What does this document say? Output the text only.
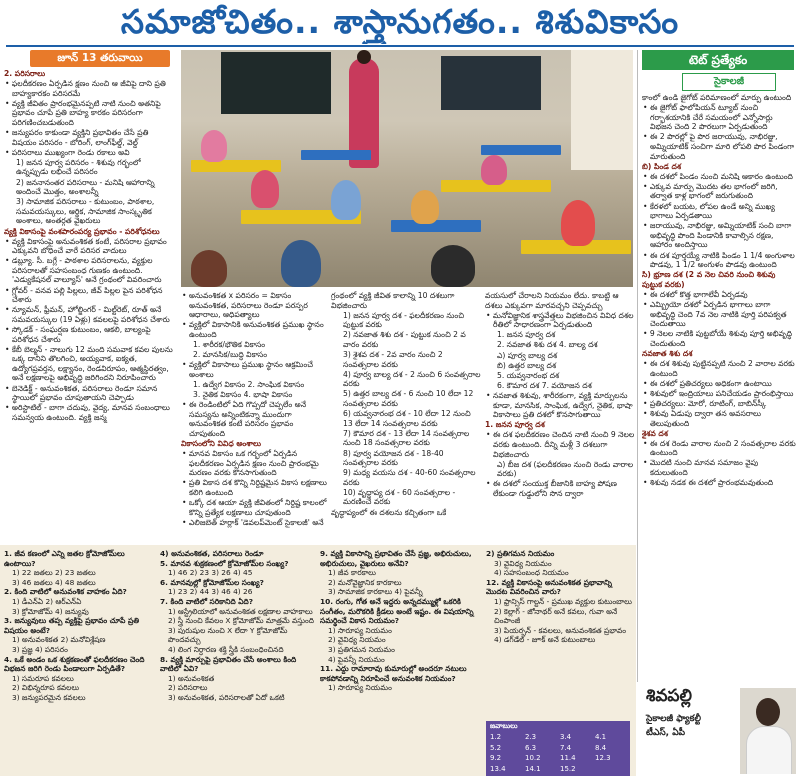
సమాజోచితం.. శాస్త్రానుగతం.. శిశువికాసం
జూన్ 13 తరువాయి

2. పరిసరాలు

• ఫలదీకరణం ఏర్పడిన క్షణం నుంచి ఆ జీవిపై దాని ప్రతి బాహ్యకారకం పరిసరమే

• వ్యక్తి జీవితం ప్రారంభమైనప్పటి నాటి నుంచి అతనిపై ప్రభావం చూపే ప్రతి బాహ్య కారకం పరిసరంగా పరిగణించబడుతుంది

• జన్యుపరం కాకుండా వ్యక్తిని ప్రభావితం చేసే ప్రతి విషయం పరిసరం - బోరింగ్, లాంగ్‌ఫీల్డ్, వెల్డ్

• పరిసరాలు ముఖ్యంగా రెండు రకాలు అవి

1) జనన పూర్వ పరిసరం - శిశువు గర్భంలో ఉన్నప్పుడు లభించే పరిసరం

2) జననానంతర పరిసరాలు - మనిషి ఆహారాన్ని అందించే మొత్తం, అంశాలన్నీ

3) సామాజిక పరిసరాలు - కుటుంబం, పాఠశాల, సమవయస్కులు, ఆర్థిక, సామాజిక సాంస్కృతిక అంశాలు, అంతర్గత వైఖరులు

వ్యక్తి వికాసంపై వంశపారంపర్య ప్రభావం - పరిశోధనలు

• వ్యక్తి వికాసంపై అనువంశికత కంటే, పరిసరాల ప్రభావం ఎక్కువని బోధించే వారే పరిసర వాదులు

• డబ్ల్యూ. సీ. బగ్లే - పాఠశాల పరిసరాలను, వ్యక్తుల పరిసరాలతో సహసంబంధ గుణకం ఉంటుంది. 'ఎడ్యుకేషనల్ వాల్యూస్' అనే గ్రంథంలో వివరించారు

• గ్లోవర్ - వనవ పల్లి పిల్లలు, జీవ్ పిల్లల పైన పరిశోధన చేశారు

• న్యూమన్, ఫ్రీమన్, హోల్జింగర్ - మిల్ట్‌రెట్, రూత్ అనే సమవయస్కుల (19 ఏళ్లు) కవలలపై పరిశోధన చేశారు

• స్కోడక్ - సంఘర్షణ కుటుంబం, ఆకలి, బాల్యంపై పరిశోధన చేశారు

• కేబీ బెల్మన్ - నాలుగు 12 మంది సమవాక కవల పులను ఒక్క దానిని తొలగించి, అయ్యవాక, ఐక్యత, ఉద్యోగప్రవర్తన, లక్ష్యానం, రెండవిరూపం, ఆత్మస్థిరత్వం, అనే లక్షణాలపై అభివృద్ధి జరిగిందని నిరూపించారు

• బెనెడిక్ట్ - అనువంశికత, పరిసరాలు రెండూ సమాన స్థాయిలో ప్రభావం చూపుతాయని చెప్పాడు

• అరిస్టాటిల్ - బాగా చదువు, వైద్య, మానవ సంబంధాలు సమన్వయ ఉంటుంది. వ్యక్తి జన్మ

• అనువంశికత x పరిసరం = వికాసం అనువంశికత, పరిసరాలు రెండూ పరస్పర ఆధారాలు, ఆధిపత్యాలు

• వ్యక్తిలో వికాసానికి అనువంశికత ప్రముఖ స్థానం ఉంటుంది

1. శారీరక/భౌతిక వికాసం

2. మానసిక/బుద్ధి వికాసం

• వ్యక్తిలో వికాసాలు ప్రముఖ స్థానం ఆక్రమించే అంశాలు

1. ఉద్వేగ వికాసం 2. సాంఘిక వికాసం

3. నైతిక వికాసం 4. భాషా వికాసం

• ఈ రెండింటిలో ఏది గొప్పదో చెప్పలేం అనే సమస్యను అన్నింటికన్నా ముందుగా అనువంశికత కంటే పరిసరం ప్రభావం చూపుతుంది

వికాసంలోని వివిధ అంశాలు

• మానవ వికాసం ఒక గర్భంలో ఏర్పడిన ఫలదీకరణం ఏర్పడిన క్షణం నుంచి ప్రారంభమై మరణం వరకు కొనసాగుతుంది

• ప్రతి వికాస దశ కొన్ని నిర్దిష్టమైన వికాస లక్షణాలు కలిగి ఉంటుంది

• ఒక్కో దశ ఆయా వ్యక్తి జీవితంలో నిర్దిష్ట కాలంలో కొన్ని ప్రత్యేక లక్షణాలు చూపుతుంది

• ఎలిజబెత్ హర్లాక్ 'డెవలప్‌మెంట్ సైకాలజీ' అనే

గ్రంథంలో వ్యక్తి జీవిత కాలాన్ని 10 దశలుగా విభజించారు

1) జనన పూర్వ దశ - ఫలదీకరణం నుంచి పుట్టుక వరకు

2) నవజాత శిశు దశ - పుట్టుక నుంచి 2 వ వారం వరకు

3) శైశవ దశ - 2వ వారం నుంచి 2 సంవత్సరాల వరకు

4) పూర్వ బాల్య దశ - 2 నుంచి 6 సంవత్సరాల వరకు

5) ఉత్తర బాల్య దశ - 6 నుంచి 10 లేదా 12 సంవత్సరాల వరకు

6) యవ్వనారంభ దశ - 10 లేదా 12 నుంచి 13 లేదా 14 సంవత్సరాల వరకు

7) కౌమార దశ - 13 లేదా 14 సంవత్సరాల నుంచి 18 సంవత్సరాల వరకు

8) పూర్వ వయోజన దశ - 18-40 సంవత్సరాల వరకు

9) మధ్య వయసు దశ - 40-60 సంవత్సరాల వరకు

10) వృద్ధాప్య దశ - 60 సంవత్సరాల - మరణించే వరకు

వృద్ధాప్యంలో ఈ దశలను కచ్చితంగా ఒకే

వయసులో చేరాలని నియమం లేదు. కాబట్టి ఆ దశలు ఎక్కువగా మారవచ్చని చెప్పవచ్చు

• మనోవిజ్ఞానిక శాస్త్రవేత్తలు విభజించిన వివిధ దశల రీతిలో సాధారణంగా ఏర్పడుతుంది

1. జనన పూర్వ దశ

2. నవజాత శిశు దశ 4. బాల్య దశ

ఎ) పూర్వ బాల్య దశ

బి) ఉత్తర బాల్య దశ

5. యవ్వనారంభ దశ

6. కౌమార దశ 7. వయోజన దశ

• నవజాత శిశువు, శారీరకంగా, వ్యక్తి మార్పులను కూడా, మానసిక, సాంఘిక, ఉద్వేగ, నైతిక, భాషా వికాసాలు ప్రతి దశలో కొనసాగుతాయి

1. జనన పూర్వ దశ

• ఈ దశ ఫలదీకరణం చెందిన నాటి నుంచి 9 నెలల వరకు ఉంటుంది. దీన్ని మళ్లీ 3 దశలుగా విభజించారు

ఎ) బీజ దశ (ఫలదీకరణం నుంచి రెండు వారాల వరకు)

• ఈ దశలో సంయుక్త బీజానికి బాహ్య పోషణ లేకుండా గుడ్డులోని సొన ద్వారా

టెట్ ప్రత్యేకం
సైకాలజీ

కాంలో ఉండి జైగోట్ పరిమాణంలో మార్పు ఉంటుంది

• ఈ జైగోట్ ఫాలోపియన్ ట్యూబ్ నుంచి గర్భాశయానికి చేరే సమయంలో ఎన్నోసార్లు విభజన చెంది 2 పొరలుగా ఏర్పడుతుంది

• ఈ 2 పొరల్లో పై పొర జరాయువు, నాభిరజ్జు, అమ్నియాటిక్ సంచిగా మారి లోపలి పొర పిండంగా మారుతుంది

బి) పిండ దశ

• ఈ దశలో పిండం నుంచి మనిషి ఆకారం ఉంటుంది

• ఎక్కువ మార్పు మొదట తల భాగంలో జరిగి, తర్వాత కాళ్ల భాగంలో జరుగుతుంది

• కేరళలో బయట, లోపల ఉండే అన్ని ముఖ్య భాగాలు ఏర్పడతాయి

• జరాయువు, నాభిరజ్జు, అమ్నియాటిక్ సంచి బాగా అభివృద్ధి పొంది పిండానికి కావాల్సిన రక్షణ, ఆహారం అందిస్తాయి

• ఈ దశ పూర్తయ్యే నాటికి పిండం 1 1/4 అంగుళాల పొడవు, 1 1/2 అంగుళం పొడవు ఉంటుంది

సి) భ్రూణ దశ (2 వ నెల చివరి నుంచి శిశువు పుట్టుక వరకు)

• ఈ దశలో కొత్త భాగాలేవీ ఏర్పడవు

• ఎమ్బ్రియో దశలో ఏర్పడిన భాగాలు బాగా అభివృద్ధి చెంది 7వ నెల నాటికి పూర్తి పరిపక్వత చెందుతాయి

• 9 నెలల నాటికి పుట్టబోయే శిశువు పూర్తి అభివృద్ధి చెందుతుంది

నవజాత శిశు దశ

• ఈ దశ శిశువు పుట్టినప్పటి నుంచి 2 వారాల వరకు ఉంటుంది

• ఈ దశలో ప్రతిచర్యలు అధికంగా ఉంటాయి

• శిశువులో ఇంద్రియాలు పనిచేయడం ప్రారంభిస్తాయి

• ప్రతిచర్యలు: మోరో, రూటింగ్, బాబిన్‌స్కీ

• శిశువు ఏడుపు ద్వారా తన అవసరాలు తెలుపుతుంది

శైశవ దశ

• ఈ దశ రెండు వారాల నుంచి 2 సంవత్సరాల వరకు ఉంటుంది

• మొదటి నుంచి మానవ సమాజం వైపు కదులుతుంది

• శిశువు నడక ఈ దశలో ప్రారంభమవుతుంది

1. జీవ కణంలో ఎన్ని జతల క్రోమోజోమ్‌లు ఉంటాయి?

1) 22 జతలు 2) 23 జతలు

3) 46 జతలు 4) 48 జతలు

2. కింది వాటిలో అనువంశిక వాహకం ఏది?

1) డీఎన్ఏ 2) ఆర్ఎన్ఏ

3) క్రోమోజోమ్ 4) జన్యువు

3. జన్యువులు తప్ప వ్యక్తిపై ప్రభావం చూపే ప్రతి విషయం అంటే?

1) అనువంశికత 2) మనోవిశ్లేషణ

3) ప్రజ్ఞ 4) పరిసరం

4. ఒకే అండం ఒక శుక్రకణంతో ఫలదీకరణం చెంది విభజన జరిగి రెండు పిండాలుగా ఏర్పడితే?

1) సమరూప కవలలు

2) విభిన్నరూప కవలలు

3) జన్యుపరమైన కవలలు

4) అనువంశికత, పరిసరాలు రెండూ

5. మానవ శుక్రకణంలో క్రోమోజోమ్‌ల సంఖ్య?

1) 46 2) 23 3) 26 4) 45

6. మానవుల్లో క్రోమోజోమ్‌ల సంఖ్య?

1) 23 2) 44 3) 46 4) 26

7. కింది వాటిలో సరికానిది ఏది?

1) ఆస్ట్రేలియాలో అనువంశికత లక్షణాల వాహకాలు

2) స్త్రీ నుంచి కేవలం X క్రోమోజోమ్ మాత్రమే వస్తుంది

3) పురుషుల నుంచి X లేదా Y క్రోమోజోమ్ పొందవచ్చు

4) లింగ నిర్ధారణ శక్తి స్త్రీకి సంబంధించినది

8. వ్యక్తి మార్పుపై ప్రభావితం చేసే అంశాలు కింది వాటిలో ఏవి?

1) అనువంశికత

2) పరిసరాలు

3) అనువంశికత, పరిసరాలతో ఏదో ఒకటి

9. వ్యక్తి వికాసాన్ని ప్రభావితం చేసే ప్రజ్ఞ, అభిరుచులు, అభిరుచులు, వైఖరులు అనేవి?

1) జీవ కారకాలు

2) మనోవైజ్ఞానిక కారకాలు

3) సామాజిక కారకాలు 4) పైవన్నీ

10. రంగు, గోత అనే ఇద్దరు అన్నదమ్ముళ్లో ఒకరికి సంగీతం, మరొకరికి క్రీడలు అంటే ఇష్టం. ఈ విషయాన్ని సమర్థించే వికాస నియమం?

1) సారూప్య నియమం

2) వైవిధ్య నియమం

3) ప్రతిగమన నియమం

4) పైవన్నీ నియమం

11. ఎద్దు రామారావు కుమారుల్లో అందరూ నటులు కాకపోవడాన్ని నిరూపించే అనువంశిక నియమం?

1) సారూప్య నియమం

2) ప్రతిగమన నియమం

3) వైవిధ్య నియమం

4) సహసంబంధ నియమం

12. వ్యక్తి వికాసంపై అనువంశికత ప్రభావాన్ని మొదట వివరించిన వారు?

1) ఫ్రాన్సిస్ గాల్టన్ - ప్రముఖ వ్యక్తుల కుటుంబాలు

2) కెల్లాగ్ - జోనాథర్ అనే కవలు, గువా అనే చింపాంజీ

3) పియర్సన్ - కవలలు, అనువంశికత ప్రభావం

4) డగ్‌డేల్ - జూక్ అనే కుటుంబాలు

జవాబులు
1.2	2.3	3.4	4.1
5.2	6.3	7.4	8.4
9.2	10.2	11.4	12.3
13.4	14.1	15.2	
శివపల్లి
సైకాలజీ ఫ్యాకల్టీ
టీఎస్, ఏపీ
